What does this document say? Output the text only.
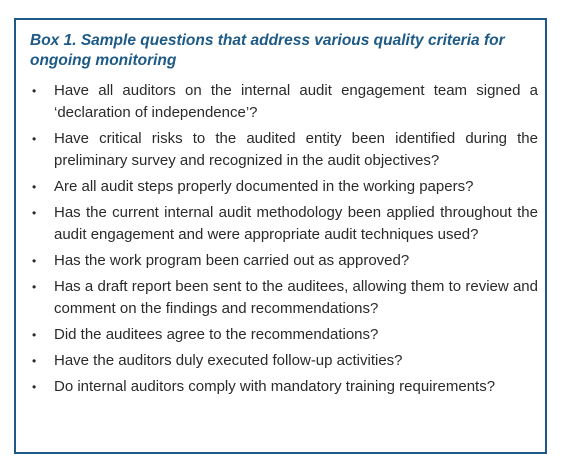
Box 1. Sample questions that address various quality criteria for ongoing monitoring
•	Have all auditors on the internal audit engagement team signed a ‘declaration of independence’?
•	Have critical risks to the audited entity been identified during the preliminary survey and recognized in the audit objectives?
•	Are all audit steps properly documented in the working papers?
•	Has the current internal audit methodology been applied throughout the audit engagement and were appropriate audit techniques used?
•	Has the work program been carried out as approved?
•	Has a draft report been sent to the auditees, allowing them to review and comment on the findings and recommendations?
•	Did the auditees agree to the recommendations?
•	Have the auditors duly executed follow-up activities?
•	Do internal auditors comply with mandatory training requirements?
